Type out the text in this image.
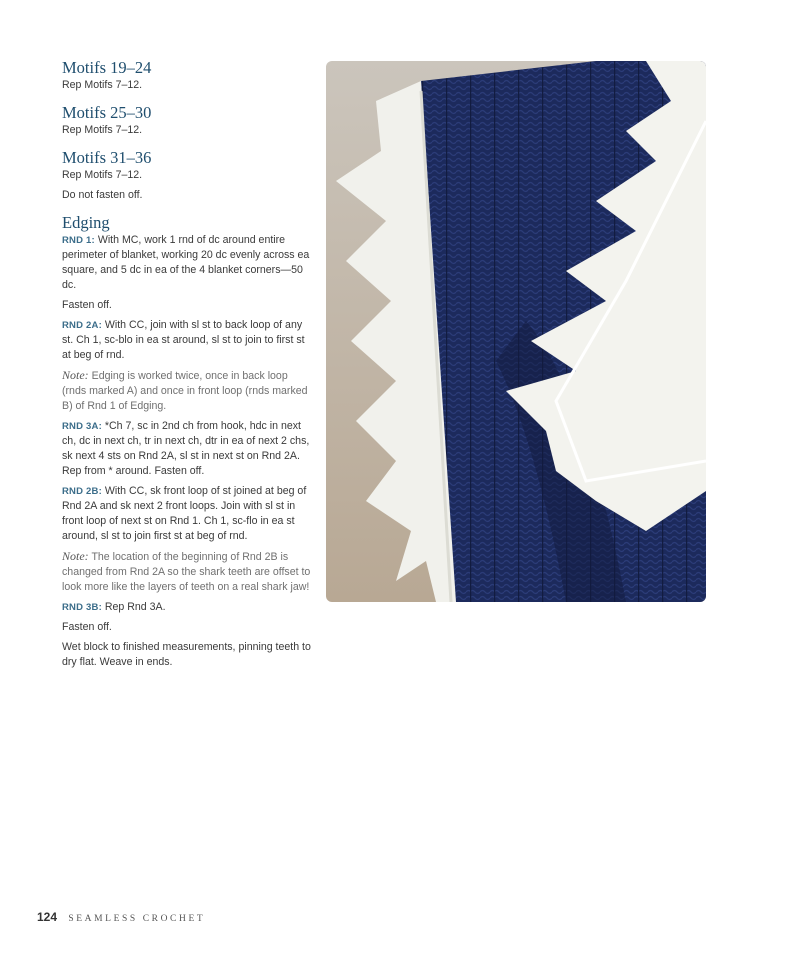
Motifs 19–24
Rep Motifs 7–12.
Motifs 25–30
Rep Motifs 7–12.
Motifs 31–36
Rep Motifs 7–12.
Do not fasten off.
Edging
RND 1: With MC, work 1 rnd of dc around entire perimeter of blanket, working 20 dc evenly across ea square, and 5 dc in ea of the 4 blanket corners—50 dc.
Fasten off.
RND 2A: With CC, join with sl st to back loop of any st. Ch 1, sc-blo in ea st around, sl st to join to first st at beg of rnd.
Note: Edging is worked twice, once in back loop (rnds marked A) and once in front loop (rnds marked B) of Rnd 1 of Edging.
RND 3A: *Ch 7, sc in 2nd ch from hook, hdc in next ch, dc in next ch, tr in next ch, dtr in ea of next 2 chs, sk next 4 sts on Rnd 2A, sl st in next st on Rnd 2A. Rep from * around. Fasten off.
RND 2B: With CC, sk front loop of st joined at beg of Rnd 2A and sk next 2 front loops. Join with sl st in front loop of next st on Rnd 1. Ch 1, sc-flo in ea st around, sl st to join first st at beg of rnd.
Note: The location of the beginning of Rnd 2B is changed from Rnd 2A so the shark teeth are offset to look more like the layers of teeth on a real shark jaw!
RND 3B: Rep Rnd 3A.
Fasten off.
Wet block to finished measurements, pinning teeth to dry flat. Weave in ends.
124 SEAMLESS CROCHET
